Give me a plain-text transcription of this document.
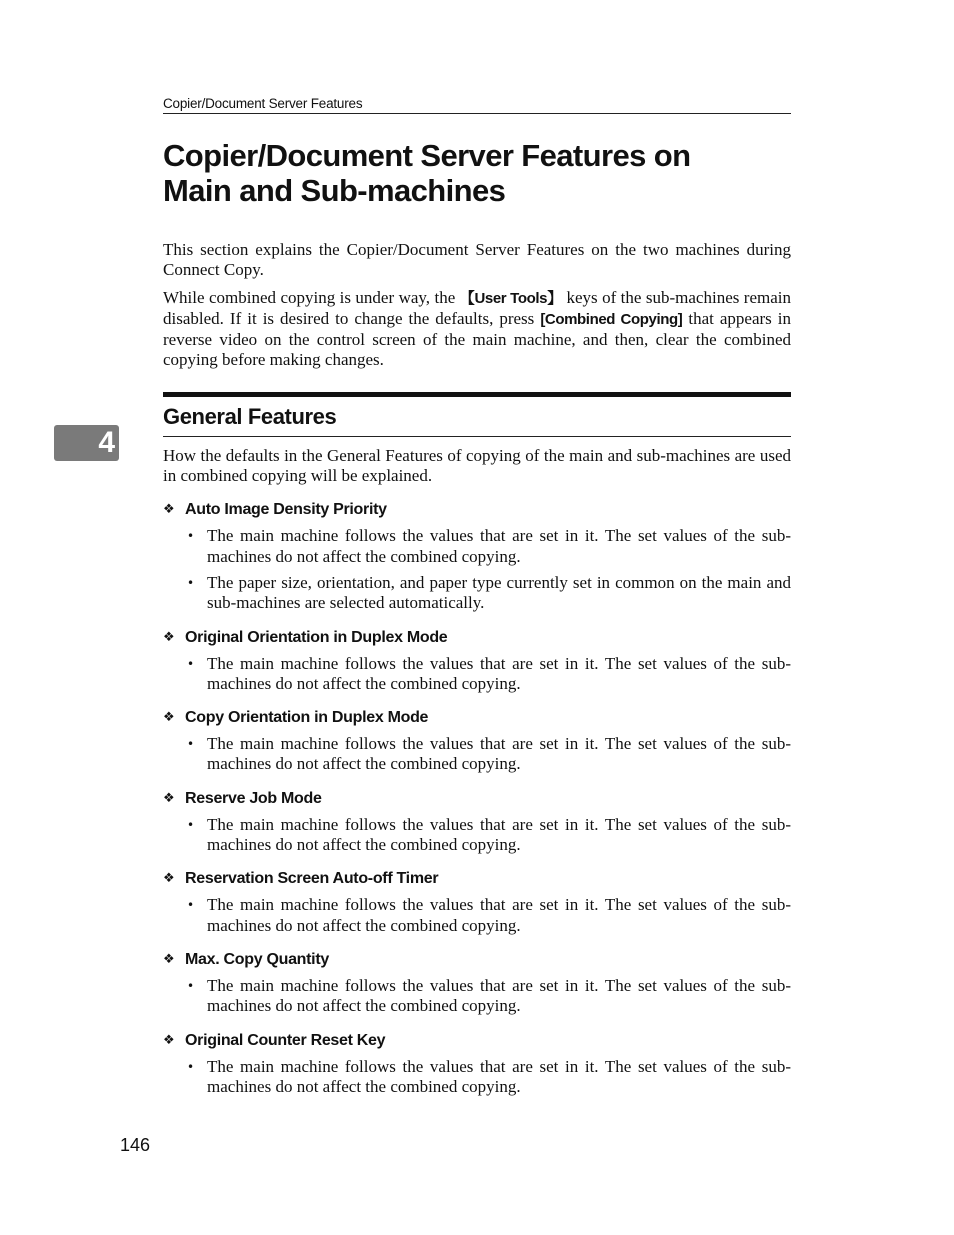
Copier/Document Server Features
4
Copier/Document Server Features on
Main and Sub-machines

This section explains the Copier/Document Server Features on the two machines during Connect Copy.

While combined copying is under way, the 【User Tools】 keys of the sub-machines remain disabled. If it is desired to change the defaults, press [Combined Copying] that appears in reverse video on the control screen of the main machine, and then, clear the combined copying before making changes.

General Features

How the defaults in the General Features of copying of the main and sub-machines are used in combined copying will be explained.

❖ Auto Image Density Priority
• The main machine follows the values that are set in it. The set values of the sub-machines do not affect the combined copying.
• The paper size, orientation, and paper type currently set in common on the main and sub-machines are selected automatically.
❖ Original Orientation in Duplex Mode
• The main machine follows the values that are set in it. The set values of the sub-machines do not affect the combined copying.
❖ Copy Orientation in Duplex Mode
• The main machine follows the values that are set in it. The set values of the sub-machines do not affect the combined copying.
❖ Reserve Job Mode
• The main machine follows the values that are set in it. The set values of the sub-machines do not affect the combined copying.
❖ Reservation Screen Auto-off Timer
• The main machine follows the values that are set in it. The set values of the sub-machines do not affect the combined copying.
❖ Max. Copy Quantity
• The main machine follows the values that are set in it. The set values of the sub-machines do not affect the combined copying.
❖ Original Counter Reset Key
• The main machine follows the values that are set in it. The set values of the sub-machines do not affect the combined copying.
146
